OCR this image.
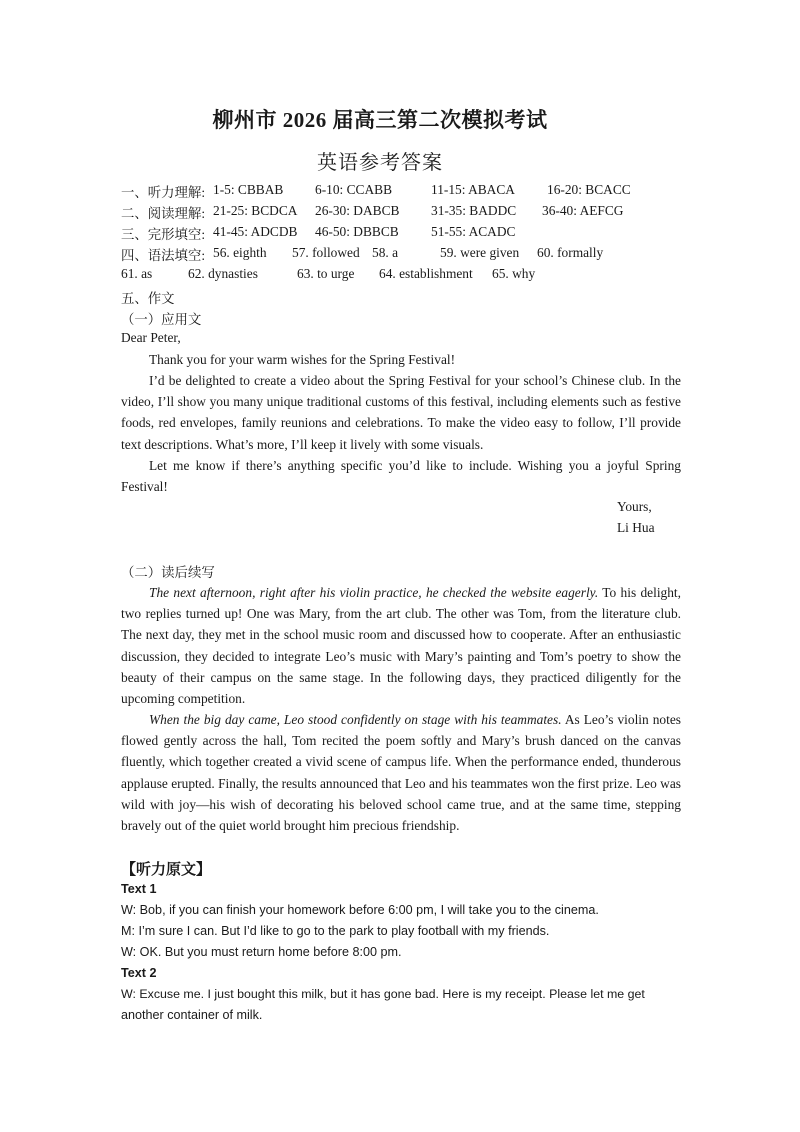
柳州市 2026 届高三第二次模拟考试
英语参考答案
一、听力理解: 1-5: CBBAB 6-10: CCABB	11-15: ABACA 16-20: BCACC
二、阅读理解: 21-25: BCDCA 26-30: DABCB 31-35: BADDC 36-40: AEFCG
三、完形填空: 41-45: ADCDB 46-50: DBBCB 51-55: ACADC
四、语法填空: 56. eighth 57. followed 58. a	59. were given 60. formally
61. as	62. dynasties	63. to urge 64. establishment 65. why
五、作文
（一）应用文
Dear Peter,
Thank you for your warm wishes for the Spring Festival!
I’d be delighted to create a video about the Spring Festival for your school’s Chinese club. In the video, I’ll show you many unique traditional customs of this festival, including elements such as festive foods, red envelopes, family reunions and celebrations. To make the video easy to follow, I’ll provide text descriptions. What’s more, I’ll keep it lively with some visuals.
Let me know if there’s anything specific you’d like to include. Wishing you a joyful Spring Festival!
Yours,
Li Hua
（二）读后续写
The next afternoon, right after his violin practice, he checked the website eagerly. To his delight, two replies turned up! One was Mary, from the art club. The other was Tom, from the literature club. The next day, they met in the school music room and discussed how to cooperate. After an enthusiastic discussion, they decided to integrate Leo’s music with Mary’s painting and Tom’s poetry to show the beauty of their campus on the same stage. In the following days, they practiced diligently for the upcoming competition.
When the big day came, Leo stood confidently on stage with his teammates. As Leo’s violin notes flowed gently across the hall, Tom recited the poem softly and Mary’s brush danced on the canvas fluently, which together created a vivid scene of campus life. When the performance ended, thunderous applause erupted. Finally, the results announced that Leo and his teammates won the first prize. Leo was wild with joy—his wish of decorating his beloved school came true, and at the same time, stepping bravely out of the quiet world brought him precious friendship.
【听力原文】
Text 1
W: Bob, if you can finish your homework before 6:00 pm, I will take you to the cinema.
M: I’m sure I can. But I’d like to go to the park to play football with my friends.
W: OK. But you must return home before 8:00 pm.
Text 2
W: Excuse me. I just bought this milk, but it has gone bad. Here is my receipt. Please let me get
another container of milk.
